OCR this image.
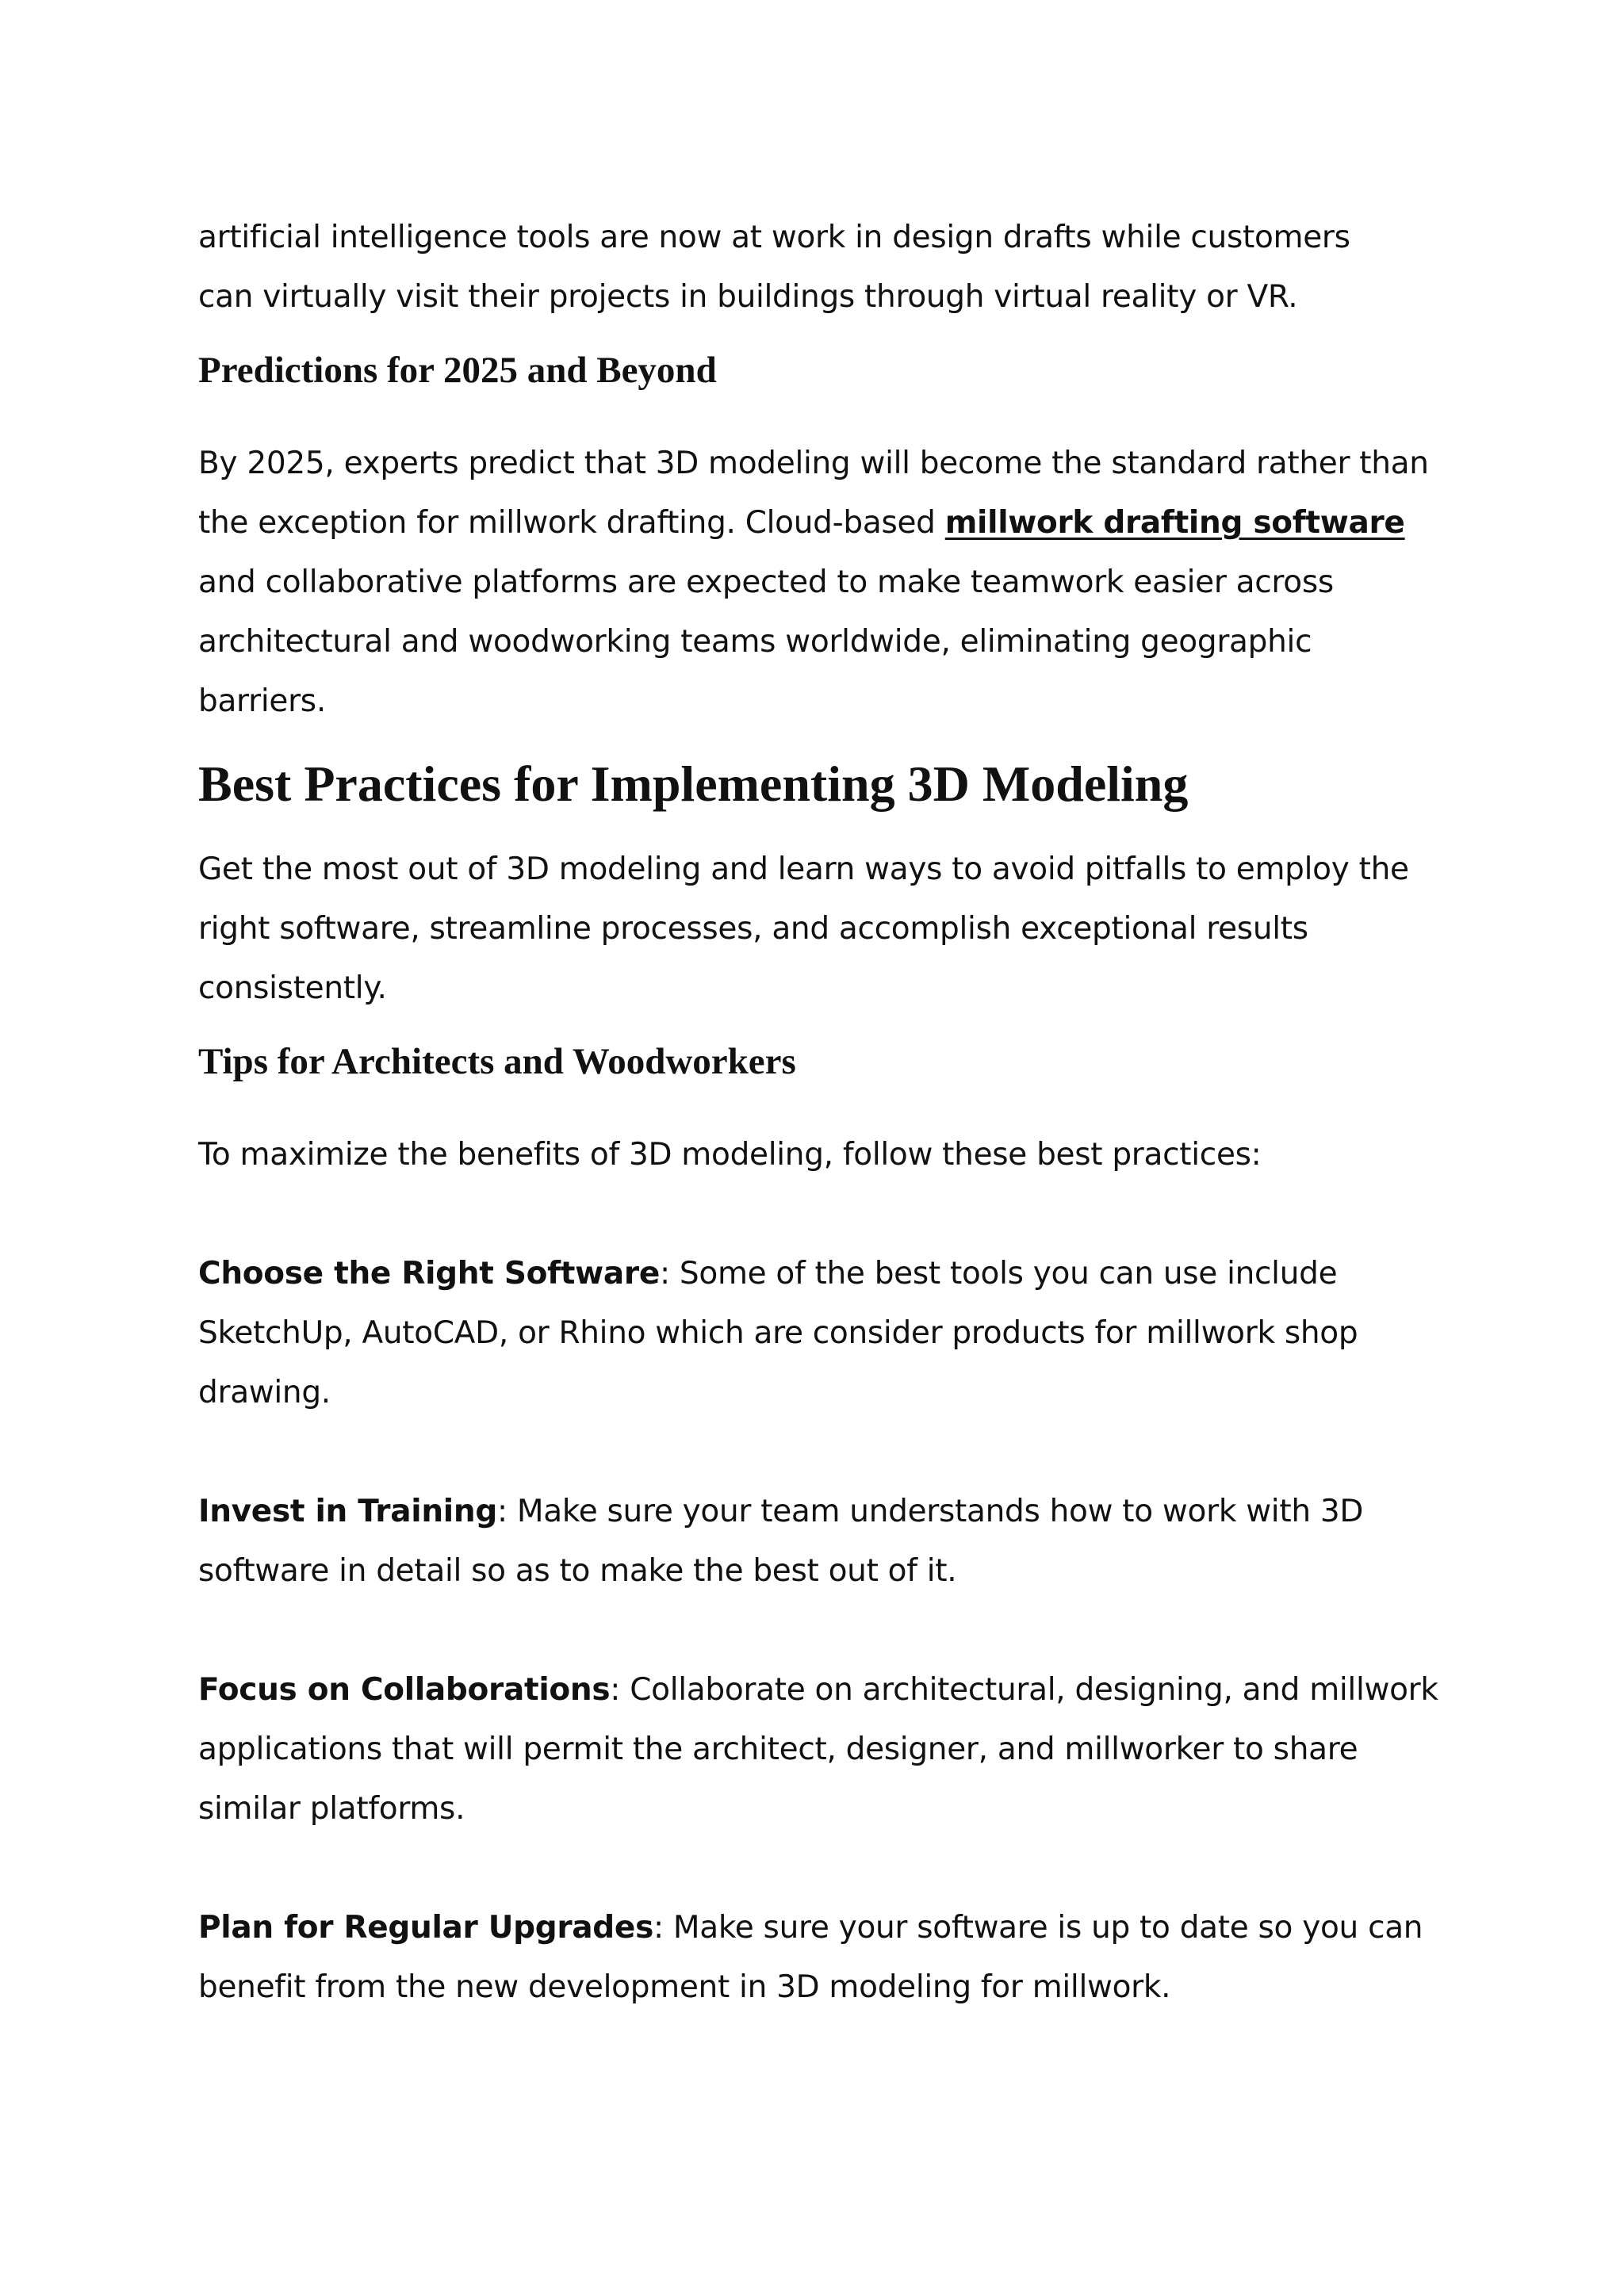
artificial intelligence tools are now at work in design drafts while customers can virtually visit their projects in buildings through virtual reality or VR.

Predictions for 2025 and Beyond

By 2025, experts predict that 3D modeling will become the standard rather than the exception for millwork drafting. Cloud-based millwork drafting software and collaborative platforms are expected to make teamwork easier across architectural and woodworking teams worldwide, eliminating geographic barriers.

Best Practices for Implementing 3D Modeling

Get the most out of 3D modeling and learn ways to avoid pitfalls to employ the right software, streamline processes, and accomplish exceptional results consistently.

Tips for Architects and Woodworkers

To maximize the benefits of 3D modeling, follow these best practices:

Choose the Right Software: Some of the best tools you can use include SketchUp, AutoCAD, or Rhino which are consider products for millwork shop drawing.

Invest in Training: Make sure your team understands how to work with 3D software in detail so as to make the best out of it.

Focus on Collaborations: Collaborate on architectural, designing, and millwork applications that will permit the architect, designer, and millworker to share similar platforms.

Plan for Regular Upgrades: Make sure your software is up to date so you can benefit from the new development in 3D modeling for millwork.
